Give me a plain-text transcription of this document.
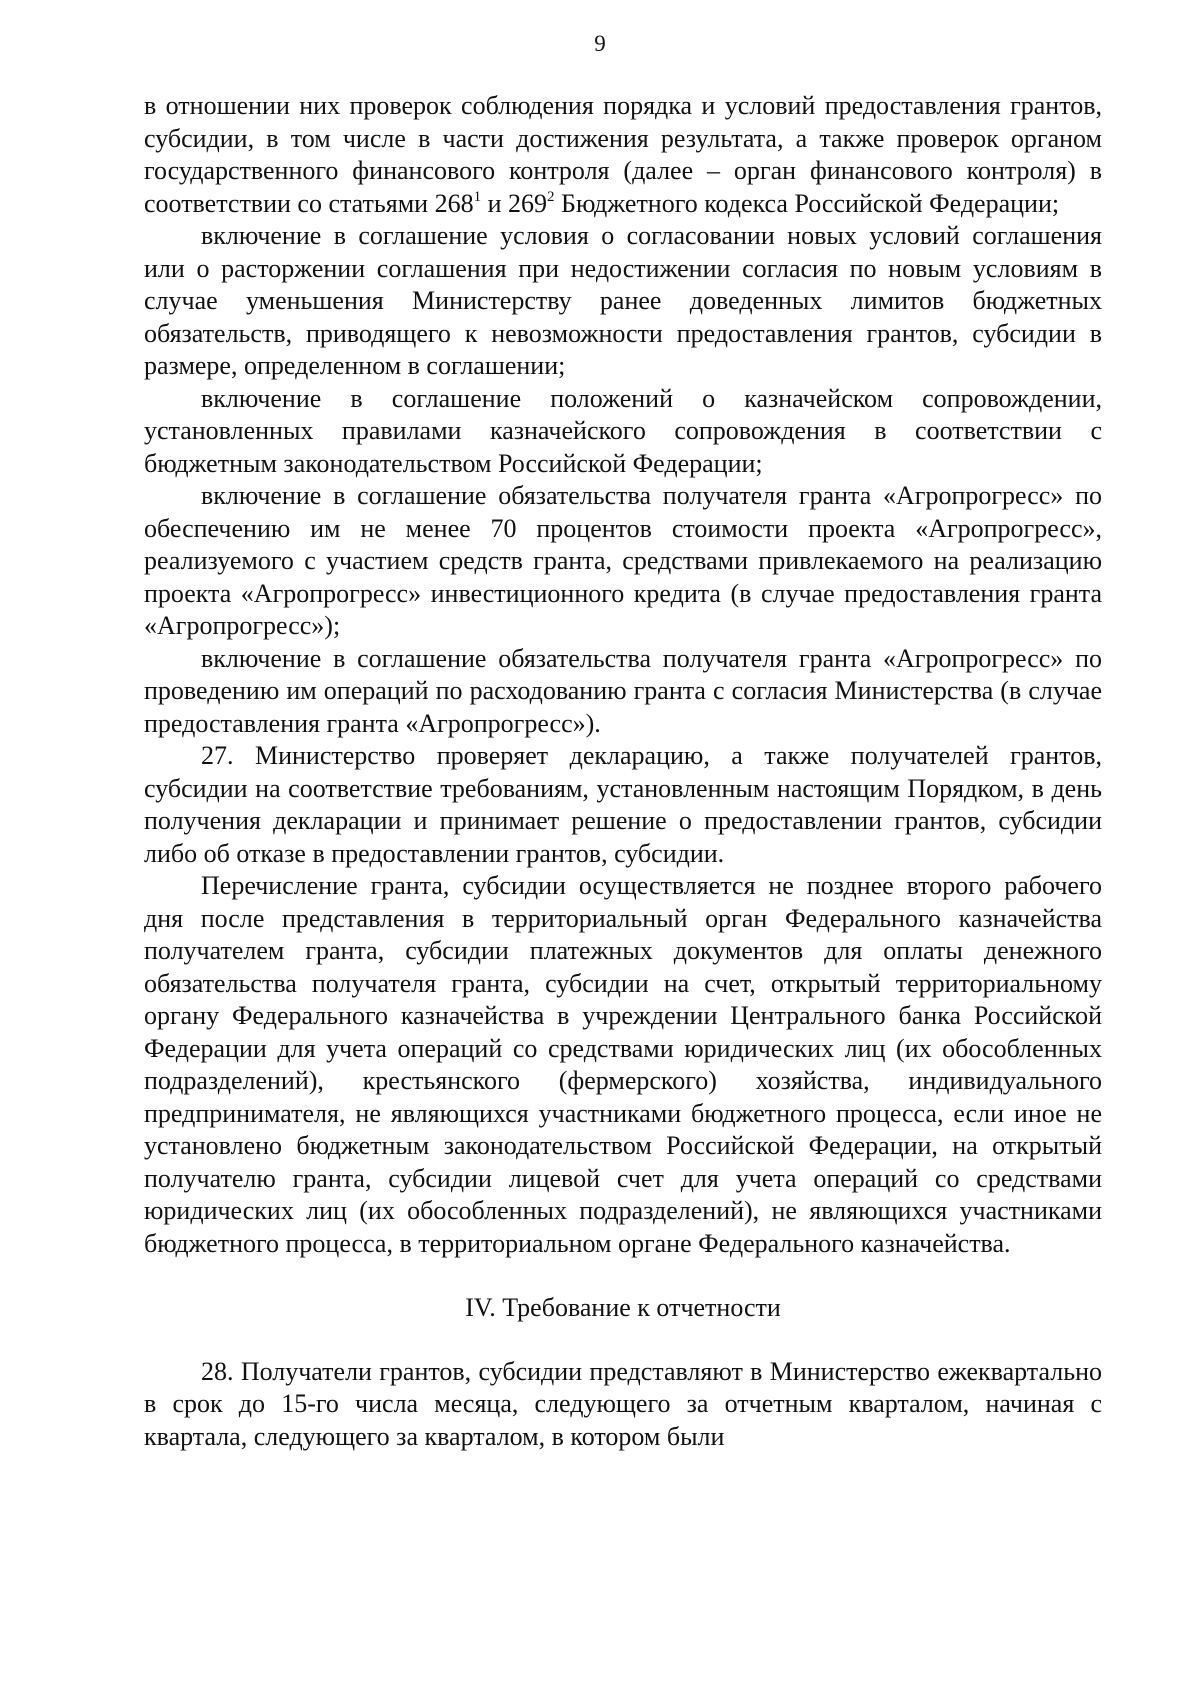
9

в отношении них проверок соблюдения порядка и условий предоставления грантов, субсидии, в том числе в части достижения результата, а также проверок органом государственного финансового контроля (далее – орган финансового контроля) в соответствии со статьями $268^1$ и $269^2$ Бюджетного кодекса Российской Федерации;

включение в соглашение условия о согласовании новых условий соглашения или о расторжении соглашения при недостижении согласия по новым условиям в случае уменьшения Министерству ранее доведенных лимитов бюджетных обязательств, приводящего к невозможности предоставления грантов, субсидии в размере, определенном в соглашении;

включение в соглашение положений о казначейском сопровождении, установленных правилами казначейского сопровождения в соответствии с бюджетным законодательством Российской Федерации;

включение в соглашение обязательства получателя гранта «Агропрогресс» по обеспечению им не менее 70 процентов стоимости проекта «Агропрогресс», реализуемого с участием средств гранта, средствами привлекаемого на реализацию проекта «Агропрогресс» инвестиционного кредита (в случае предоставления гранта «Агропрогресс»);

включение в соглашение обязательства получателя гранта «Агропрогресс» по проведению им операций по расходованию гранта с согласия Министерства (в случае предоставления гранта «Агропрогресс»).

27. Министерство проверяет декларацию, а также получателей грантов, субсидии на соответствие требованиям, установленным настоящим Порядком, в день получения декларации и принимает решение о предоставлении грантов, субсидии либо об отказе в предоставлении грантов, субсидии.

Перечисление гранта, субсидии осуществляется не позднее второго рабочего дня после представления в территориальный орган Федерального казначейства получателем гранта, субсидии платежных документов для оплаты денежного обязательства получателя гранта, субсидии на счет, открытый территориальному органу Федерального казначейства в учреждении Центрального банка Российской Федерации для учета операций со средствами юридических лиц (их обособленных подразделений), крестьянского (фермерского) хозяйства, индивидуального предпринимателя, не являющихся участниками бюджетного процесса, если иное не установлено бюджетным законодательством Российской Федерации, на открытый получателю гранта, субсидии лицевой счет для учета операций со средствами юридических лиц (их обособленных подразделений), не являющихся участниками бюджетного процесса, в территориальном органе Федерального казначейства.

IV. Требование к отчетности

28. Получатели грантов, субсидии представляют в Министерство ежеквартально в срок до 15-го числа месяца, следующего за отчетным кварталом, начиная с квартала, следующего за кварталом, в котором были
